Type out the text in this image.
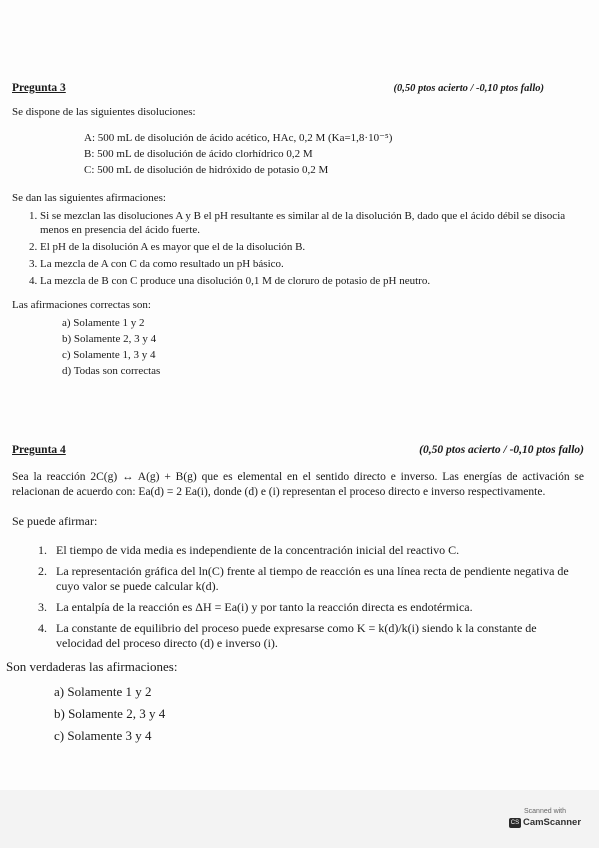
Pregunta 3	(0,50 ptos acierto / -0,10 ptos fallo)

Se dispone de las siguientes disoluciones:

A: 500 mL de disolución de ácido acético, HAc, 0,2 M (Ka=1,8·10⁻⁵)
B: 500 mL de disolución de ácido clorhídrico 0,2 M
C: 500 mL de disolución de hidróxido de potasio 0,2 M

Se dan las siguientes afirmaciones:

1. Si se mezclan las disoluciones A y B el pH resultante es similar al de la disolución B, dado que el ácido débil se disocia menos en presencia del ácido fuerte.
2. El pH de la disolución A es mayor que el de la disolución B.
3. La mezcla de A con C da como resultado un pH básico.
4. La mezcla de B con C produce una disolución 0,1 M de cloruro de potasio de pH neutro.

Las afirmaciones correctas son:

a) Solamente 1 y 2
b) Solamente 2, 3 y 4
c) Solamente 1, 3 y 4
d) Todas son correctas
Pregunta 4	(0,50 ptos acierto / -0,10 ptos fallo)

Sea la reacción 2C(g) ↔ A(g) + B(g) que es elemental en el sentido directo e inverso. Las energías de activación se relacionan de acuerdo con: Ea(d) = 2 Ea(i), donde (d) e (i) representan el proceso directo e inverso respectivamente.

Se puede afirmar:

1. El tiempo de vida media es independiente de la concentración inicial del reactivo C.
2. La representación gráfica del ln(C) frente al tiempo de reacción es una línea recta de pendiente negativa de cuyo valor se puede calcular k(d).
3. La entalpía de la reacción es ΔH = Ea(i) y por tanto la reacción directa es endotérmica.
4. La constante de equilibrio del proceso puede expresarse como K = k(d)/k(i) siendo k la constante de velocidad del proceso directo (d) e inverso (i).

Son verdaderas las afirmaciones:

a) Solamente 1 y 2
b) Solamente 2, 3 y 4
c) Solamente 3 y 4
Scanned with
CS CamScanner
